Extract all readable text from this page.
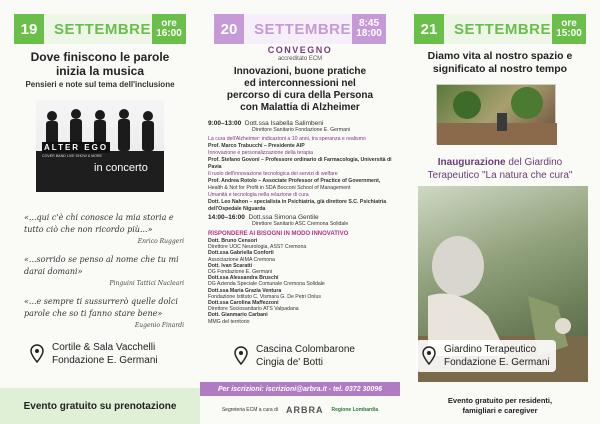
19	SETTEMBRE ore
16:00
Dove finiscono le parole
inizia la musica
Pensieri e note sul tema dell'inclusione
ALTER EGO
COVER BAND LIVE SHOW & MORE
in concerto
«...qui c'è chi conosce la mia storia e tutto ciò che non ricordo più...»
Enrico Ruggeri
«...sorrido se penso al nome che tu mi darai domani»
Pinguini Tattici Nucleari
«...e sempre ti sussurrerò quelle dolci parole che so ti fanno stare bene»
Eugenio Finardi
Cortile & Sala Vacchelli
Fondazione E. Germani
Evento gratuito su prenotazione
20	SETTEMBRE 8:45
18:00
CONVEGNO
accreditato ECM
Innovazioni, buone pratiche
ed interconnessioni nel
percorso di cura della Persona
con Malattia di Alzheimer
9:00–13:00 Dott.ssa Isabella Salimbeni
Direttore Sanitario Fondazione E. Germani
La cura dell'Alzheimer: indicazioni a 10 anni, tra speranza e realismo
Prof. Marco Trabucchi – Presidente AIP
Innovazione e personalizzazione della terapia
Prof. Stefano Govoni – Professore ordinario di Farmacologia, Università di Pavia
Il ruolo dell'innovazione tecnologica dei servizi di welfare
Prof. Andrea Rotolo – Associate Professor of Practice of Government,
Health & Not for Profit in SDA Bocconi School of Management
Umanità e tecnologia nella relazione di cura
Dott. Leo Nahon – specialista in Psichiatria, già direttore S.C. Psichiatria dell'Ospedale Niguarda
14:00–16:00 Dott.ssa Simona Gentile
Direttore Sanitario ASC Cremona Solidale
RISPONDERE AI BISOGNI IN MODO INNOVATIVO
Dott. Bruno Censori
Direttore UOC Neurologia, ASST Cremona
Dott.ssa Gabriella Conforti
Associazione AIMA Cremona
Dott. Ivan Scaratti
DG Fondazione E. Germani
Dott.ssa Alessandra Bruschi
DG Azienda Speciale Comunale Cremona Solidale
Dott.ssa Maria Grazia Ventura
Fondazione Istituto C. Vismara G. De Petri Onlus
Dott.ssa Carolina Maffezzoni
Direttore Sociosanitario ATS Valpadana
Dott. Gianmario Carbani
MMG del territorio
Cascina Colombarone
Cingia de' Botti
Per iscrizioni: iscrizioni@arbra.it - tel. 0372 30096
Segreteria ECM a cura di ARBRA Regione Lombardia
21	SETTEMBRE ore
15:00
Diamo vita al nostro spazio e
significato al nostro tempo
Inaugurazione del Giardino
Terapeutico "La natura che cura"
Giardino Terapeutico
Fondazione E. Germani
Evento gratuito per residenti,
famigliari e caregiver
